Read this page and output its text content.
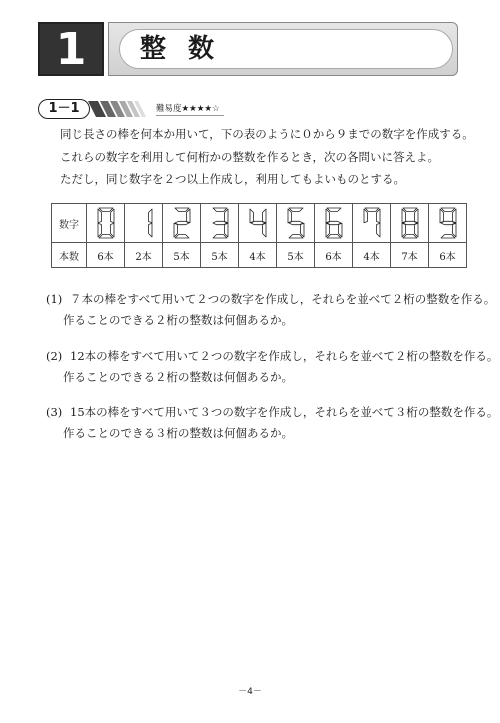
1	整数
1－1	難易度★★★★☆

同じ長さの棒を何本か用いて，下の表のように０から９までの数字を作成する。

これらの数字を利用して何桁かの整数を作るとき，次の各問いに答えよ。

ただし，同じ数字を２つ以上作成し，利用してもよいものとする。

数字	

本数	6本	2本	5本	5本	4本	5本	6本	4本	7本	6本
(1) ７本の棒をすべて用いて２つの数字を作成し，それらを並べて２桁の整数を作る。
作ることのできる２桁の整数は何個あるか。
(2) 12本の棒をすべて用いて２つの数字を作成し，それらを並べて２桁の整数を作る。
作ることのできる２桁の整数は何個あるか。
(3) 15本の棒をすべて用いて３つの数字を作成し，それらを並べて３桁の整数を作る。
作ることのできる３桁の整数は何個あるか。
－4－
